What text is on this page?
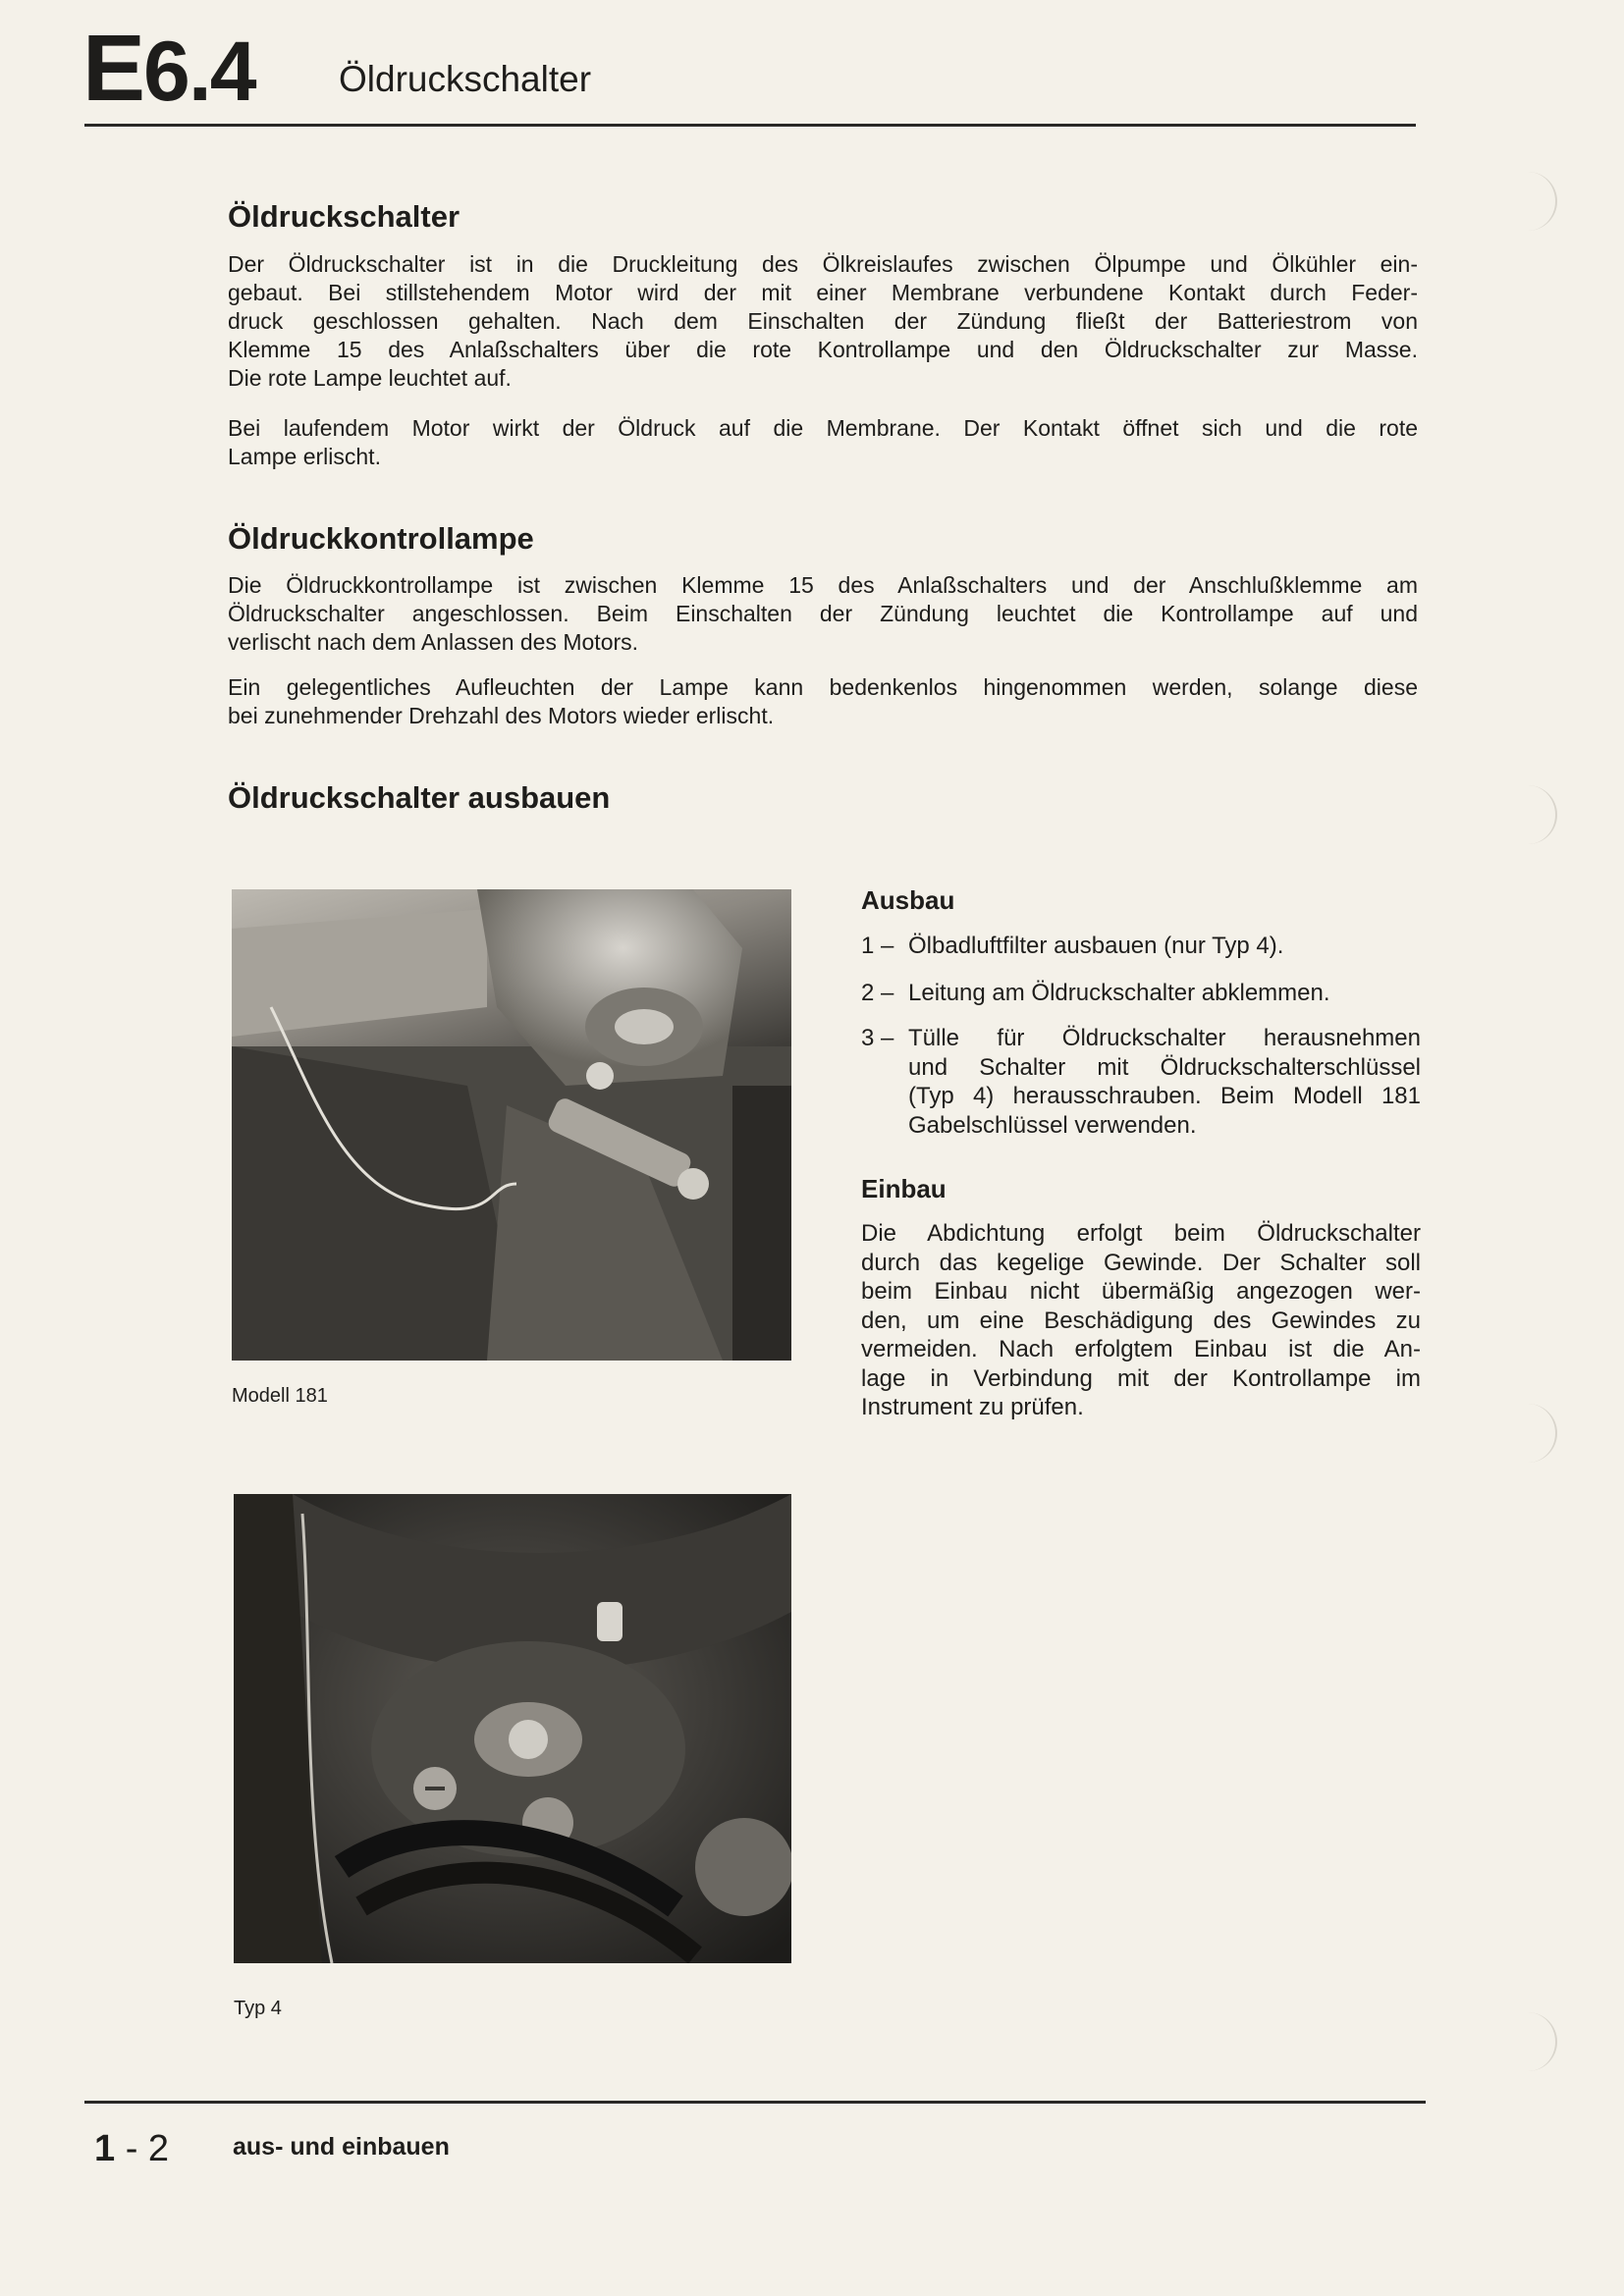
E6.4 Öldruckschalter
Öldruckschalter
Der Öldruckschalter ist in die Druckleitung des Ölkreislaufes zwischen Ölpumpe und Ölkühler ein-
gebaut. Bei stillstehendem Motor wird der mit einer Membrane verbundene Kontakt durch Feder-
druck geschlossen gehalten. Nach dem Einschalten der Zündung fließt der Batteriestrom von
Klemme 15 des Anlaßschalters über die rote Kontrollampe und den Öldruckschalter zur Masse.
Die rote Lampe leuchtet auf.
Bei laufendem Motor wirkt der Öldruck auf die Membrane. Der Kontakt öffnet sich und die rote
Lampe erlischt.
Öldruckkontrollampe
Die Öldruckkontrollampe ist zwischen Klemme 15 des Anlaßschalters und der Anschlußklemme am
Öldruckschalter angeschlossen. Beim Einschalten der Zündung leuchtet die Kontrollampe auf und
verlischt nach dem Anlassen des Motors.
Ein gelegentliches Aufleuchten der Lampe kann bedenkenlos hingenommen werden, solange diese
bei zunehmender Drehzahl des Motors wieder erlischt.
Öldruckschalter ausbauen
Modell 181
Typ 4
Ausbau
1 – Ölbadluftfilter ausbauen (nur Typ 4).
2 – Leitung am Öldruckschalter abklemmen.
3 – Tülle für Öldruckschalter herausnehmen
und Schalter mit Öldruckschalterschlüssel
(Typ 4) herausschrauben. Beim Modell 181
Gabelschlüssel verwenden.
Einbau
Die Abdichtung erfolgt beim Öldruckschalter
durch das kegelige Gewinde. Der Schalter soll
beim Einbau nicht übermäßig angezogen wer-
den, um eine Beschädigung des Gewindes zu
vermeiden. Nach erfolgtem Einbau ist die An-
lage in Verbindung mit der Kontrollampe im
Instrument zu prüfen.
1 - 2	aus- und einbauen
